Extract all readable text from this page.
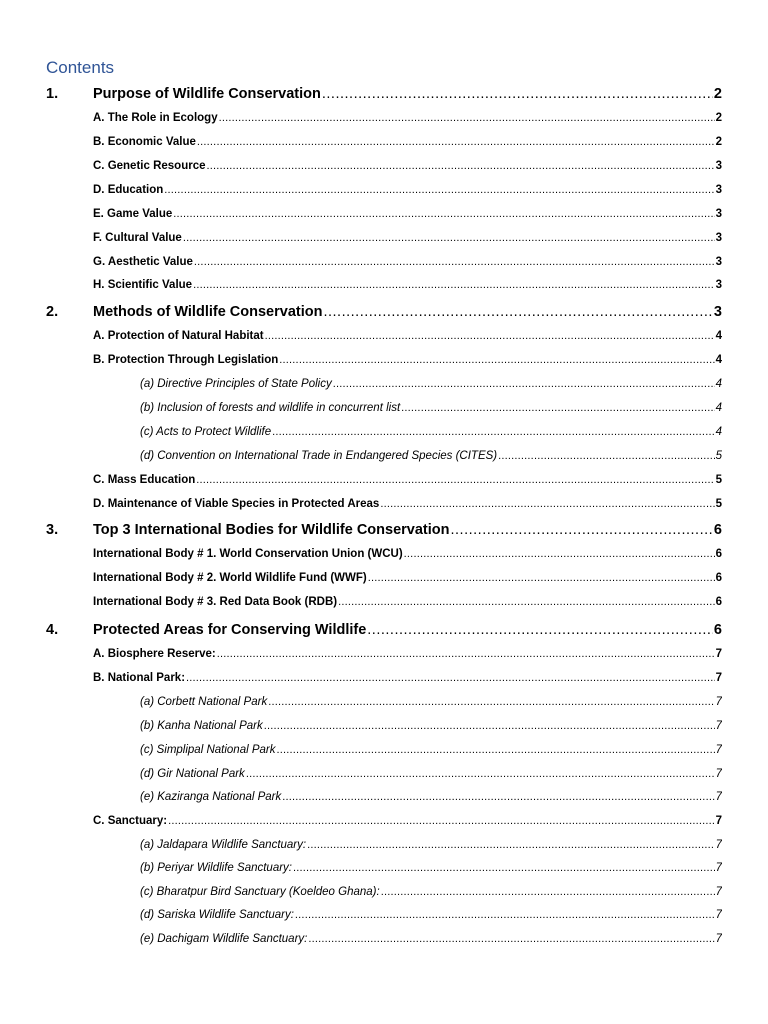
Contents
1.	Purpose of Wildlife Conservation .....	2
A. The Role in Ecology .....	2
B. Economic Value .....	2
C. Genetic Resource .....	3
D. Education .....	3
E. Game Value .....	3
F. Cultural Value .....	3
G. Aesthetic Value .....	3
H. Scientific Value .....	3
2.	Methods of Wildlife Conservation .....	3
A. Protection of Natural Habitat .....	4
B. Protection Through Legislation .....	4
(a) Directive Principles of State Policy .....	4
(b) Inclusion of forests and wildlife in concurrent list .....	4
(c) Acts to Protect Wildlife .....	4
(d) Convention on International Trade in Endangered Species (CITES) .....	5
C. Mass Education .....	5
D. Maintenance of Viable Species in Protected Areas .....	5
3.	Top 3 International Bodies for Wildlife Conservation .....	6
International Body # 1. World Conservation Union (WCU) .....	6
International Body # 2. World Wildlife Fund (WWF) .....	6
International Body # 3. Red Data Book (RDB) .....	6
4.	Protected Areas for Conserving Wildlife .....	6
A. Biosphere Reserve: .....	7
B. National Park: .....	7
(a) Corbett National Park .....	7
(b) Kanha National Park .....	7
(c) Simplipal National Park .....	7
(d) Gir National Park .....	7
(e) Kaziranga National Park .....	7
C. Sanctuary: .....	7
(a) Jaldapara Wildlife Sanctuary: .....	7
(b) Periyar Wildlife Sanctuary: .....	7
(c) Bharatpur Bird Sanctuary (Koeldeo Ghana): .....	7
(d) Sariska Wildlife Sanctuary: .....	7
(e) Dachigam Wildlife Sanctuary: .....	7
